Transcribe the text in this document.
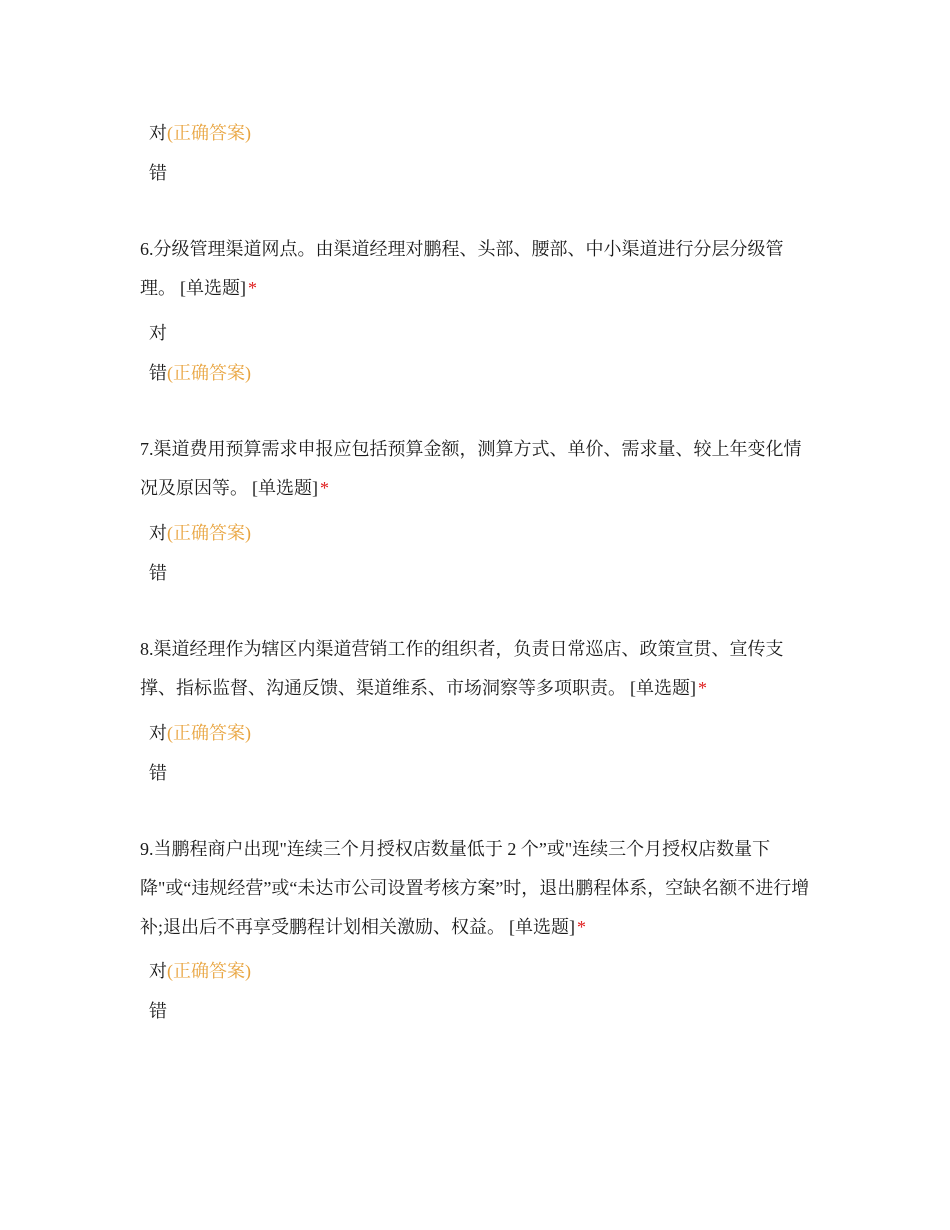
对(正确答案)

错

6.分级管理渠道网点。由渠道经理对鹏程、头部、腰部、中小渠道进行分层分级管理。 [单选题] *

对

错(正确答案)

7.渠道费用预算需求申报应包括预算金额，测算方式、单价、需求量、较上年变化情况及原因等。 [单选题] *

对(正确答案)

错

8.渠道经理作为辖区内渠道营销工作的组织者，负责日常巡店、政策宣贯、宣传支撑、指标监督、沟通反馈、渠道维系、市场洞察等多项职责。 [单选题] *

对(正确答案)

错

9.当鹏程商户出现"连续三个月授权店数量低于 2 个”或"连续三个月授权店数量下降"或“违规经营”或“未达市公司设置考核方案”时，退出鹏程体系，空缺名额不进行增补;退出后不再享受鹏程计划相关激励、权益。 [单选题] *

对(正确答案)

错
